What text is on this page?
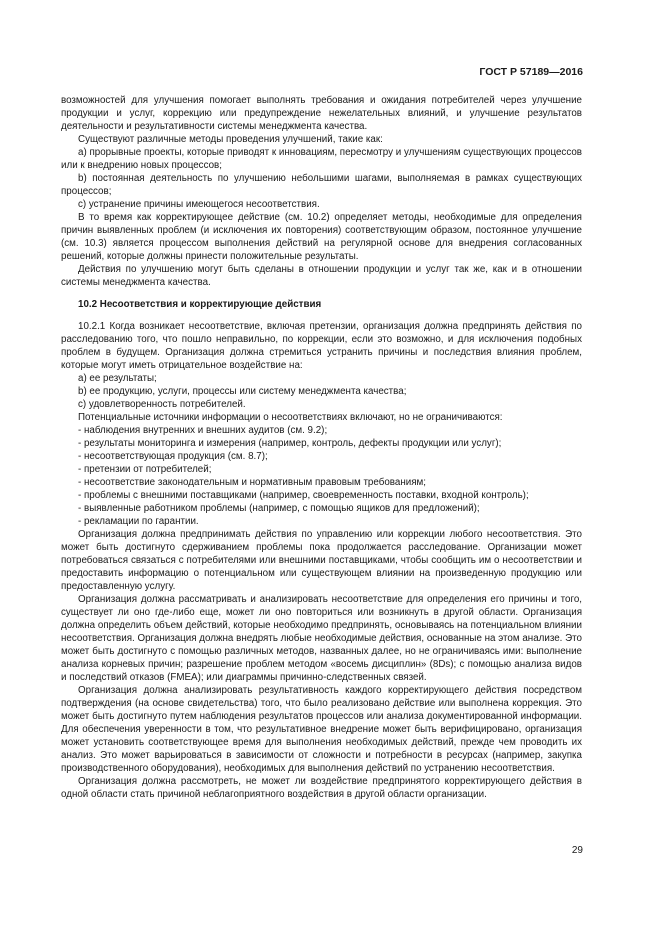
ГОСТ Р 57189—2016

возможностей для улучшения помогает выполнять требования и ожидания потребителей через улучшение продукции и услуг, коррекцию или предупреждение нежелательных влияний, и улучшение результатов деятельности и результативности системы менеджмента качества.

Существуют различные методы проведения улучшений, такие как:

a) прорывные проекты, которые приводят к инновациям, пересмотру и улучшениям существующих процессов или к внедрению новых процессов;

b) постоянная деятельность по улучшению небольшими шагами, выполняемая в рамках существующих процессов;

c) устранение причины имеющегося несоответствия.

В то время как корректирующее действие (см. 10.2) определяет методы, необходимые для определения причин выявленных проблем (и исключения их повторения) соответствующим образом, постоянное улучшение (см. 10.3) является процессом выполнения действий на регулярной основе для внедрения согласованных решений, которые должны принести положительные результаты.

Действия по улучшению могут быть сделаны в отношении продукции и услуг так же, как и в отношении системы менеджмента качества.

10.2 Несоответствия и корректирующие действия

10.2.1 Когда возникает несоответствие, включая претензии, организация должна предпринять действия по расследованию того, что пошло неправильно, по коррекции, если это возможно, и для исключения подобных проблем в будущем. Организация должна стремиться устранить причины и последствия влияния проблем, которые могут иметь отрицательное воздействие на:

a) ее результаты;

b) ее продукцию, услуги, процессы или систему менеджмента качества;

c) удовлетворенность потребителей.

Потенциальные источники информации о несоответствиях включают, но не ограничиваются:

- наблюдения внутренних и внешних аудитов (см. 9.2);

- результаты мониторинга и измерения (например, контроль, дефекты продукции или услуг);

- несоответствующая продукция (см. 8.7);

- претензии от потребителей;

- несоответствие законодательным и нормативным правовым требованиям;

- проблемы с внешними поставщиками (например, своевременность поставки, входной контроль);

- выявленные работником проблемы (например, с помощью ящиков для предложений);

- рекламации по гарантии.

Организация должна предпринимать действия по управлению или коррекции любого несоответствия. Это может быть достигнуто сдерживанием проблемы пока продолжается расследование. Организации может потребоваться связаться с потребителями или внешними поставщиками, чтобы сообщить им о несоответствии и предоставить информацию о потенциальном или существующем влиянии на произведенную продукцию или предоставленную услугу.

Организация должна рассматривать и анализировать несоответствие для определения его причины и того, существует ли оно где-либо еще, может ли оно повториться или возникнуть в другой области. Организация должна определить объем действий, которые необходимо предпринять, основываясь на потенциальном влиянии несоответствия. Организация должна внедрять любые необходимые действия, основанные на этом анализе. Это может быть достигнуто с помощью различных методов, названных далее, но не ограничиваясь ими: выполнение анализа корневых причин; разрешение проблем методом «восемь дисциплин» (8Ds); с помощью анализа видов и последствий отказов (FMEA); или диаграммы причинно-следственных связей.

Организация должна анализировать результативность каждого корректирующего действия посредством подтверждения (на основе свидетельства) того, что было реализовано действие или выполнена коррекция. Это может быть достигнуто путем наблюдения результатов процессов или анализа документированной информации. Для обеспечения уверенности в том, что результативное внедрение может быть верифицировано, организация может установить соответствующее время для выполнения необходимых действий, прежде чем проводить их анализ. Это может варьироваться в зависимости от сложности и потребности в ресурсах (например, закупка производственного оборудования), необходимых для выполнения действий по устранению несоответствия.

Организация должна рассмотреть, не может ли воздействие предпринятого корректирующего действия в одной области стать причиной неблагоприятного воздействия в другой области организации.

29
